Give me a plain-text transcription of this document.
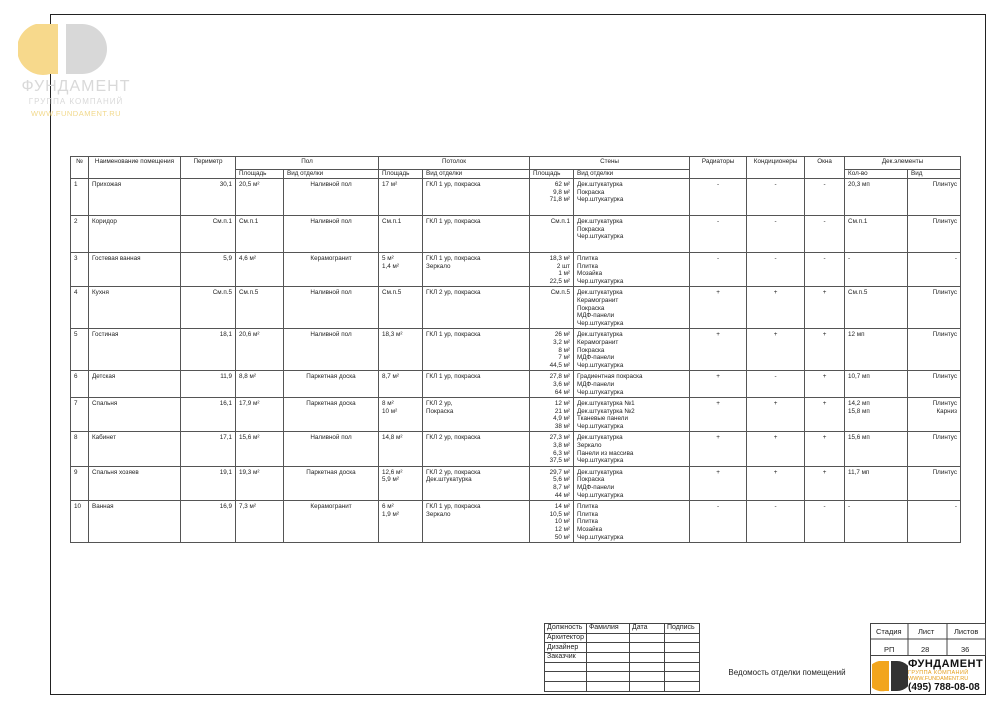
ФУНДАМЕНТ
ГРУППА КОМПАНИЙ
WWW.FUNDAMENT.RU
№	Наименование помещения	Периметр	Пол		Потолок		Стены		Радиаторы	Кондиционеры	Окна	Дек.элементы	
			Площадь	Вид отделки	Площадь	Вид отделки	Площадь	Вид отделки				Кол-во	Вид
1	Прихожая	30,1	20,5 м²	Наливной пол	17 м²	ГКЛ 1 ур, покраска	62 м²
9,8 м²
71,8 м²	Дек.штукатурка
Покраска
Чер.штукатурка	-	-	-	20,3 мп	Плинтус
2	Коридор	См.п.1	См.п.1	Наливной пол	См.п.1	ГКЛ 1 ур, покраска	См.п.1	Дек.штукатурка
Покраска
Чер.штукатурка	-	-	-	См.п.1	Плинтус
3	Гостевая ванная	5,9	4,6 м²	Керамогранит	5 м²
1,4 м²	ГКЛ 1 ур, покраска
Зеркало	18,3 м²
2 шт
1 м²
22,5 м²	Плитка
Плитка
Мозайка
Чер.штукатурка	-	-	-	-	-
4	Кухня	См.п.5	См.п.5	Наливной пол	См.п.5	ГКЛ 2 ур, покраска	См.п.5	Дек.штукатурка
Керамогранит
Покраска
МДФ-панели
Чер.штукатурка	+	+	+	См.п.5	Плинтус
5	Гостиная	18,1	20,6 м²	Наливной пол	18,3 м²	ГКЛ 1 ур, покраска	26 м²
3,2 м²
8 м²
7 м²
44,5 м²	Дек.штукатурка
Керамогранит
Покраска
МДФ-панели
Чер.штукатурка	+	+	+	12 мп	Плинтус
6	Детская	11,9	8,8 м²	Паркетная доска	8,7 м²	ГКЛ 1 ур, покраска	27,8 м²
3,6 м²
64 м²	Градиентная покраска
МДФ-панели
Чер.штукатурка	+	-	+	10,7 мп	Плинтус
7	Спальня	16,1	17,9 м²	Паркетная доска	8 м²
10 м²	ГКЛ 2 ур,
Покраска	12 м²
21 м²
4,9 м²
38 м²	Дек.штукатурка №1
Дек.штукатурка №2
Тканевые панели
Чер.штукатурка	+	+	+	14,2 мп
15,8 мп	Плинтус
Карниз
8	Кабинет	17,1	15,6 м²	Наливной пол	14,8 м²	ГКЛ 2 ур, покраска	27,3 м²
3,8 м²
6,3 м²
37,5 м²	Дек.штукатурка
Зеркало
Панели из массива
Чер.штукатурка	+	+	+	15,6 мп	Плинтус
9	Спальня хозяев	19,1	19,3 м²	Паркетная доска	12,6 м²
5,9 м²	ГКЛ 2 ур, покраска
Дек.штукатурка	29,7 м²
5,6 м²
8,7 м²
44 м²	Дек.штукатурка
Покраска
МДФ-панели
Чер.штукатурка	+	+	+	11,7 мп	Плинтус
10	Ванная	16,9	7,3 м²	Керамогранит	6 м²
1,9 м²	ГКЛ 1 ур, покраска
Зеркало	14 м²
10,5 м²
10 м²
12 м²
50 м²	Плитка
Плитка
Плитка
Мозайка
Чер.штукатурка	-	-	-	-	-
Должность	Фамилия	Дата	Подпись
Архитектор			
Дизайнер			
Заказчик			

Ведомость отделки помещений
Стадия Лист	Листов
РП	28	36
ФУНДАМЕНТ
ГРУППА КОМПАНИЙ
WWW.FUNDAMENT.RU
(495) 788-08-08
